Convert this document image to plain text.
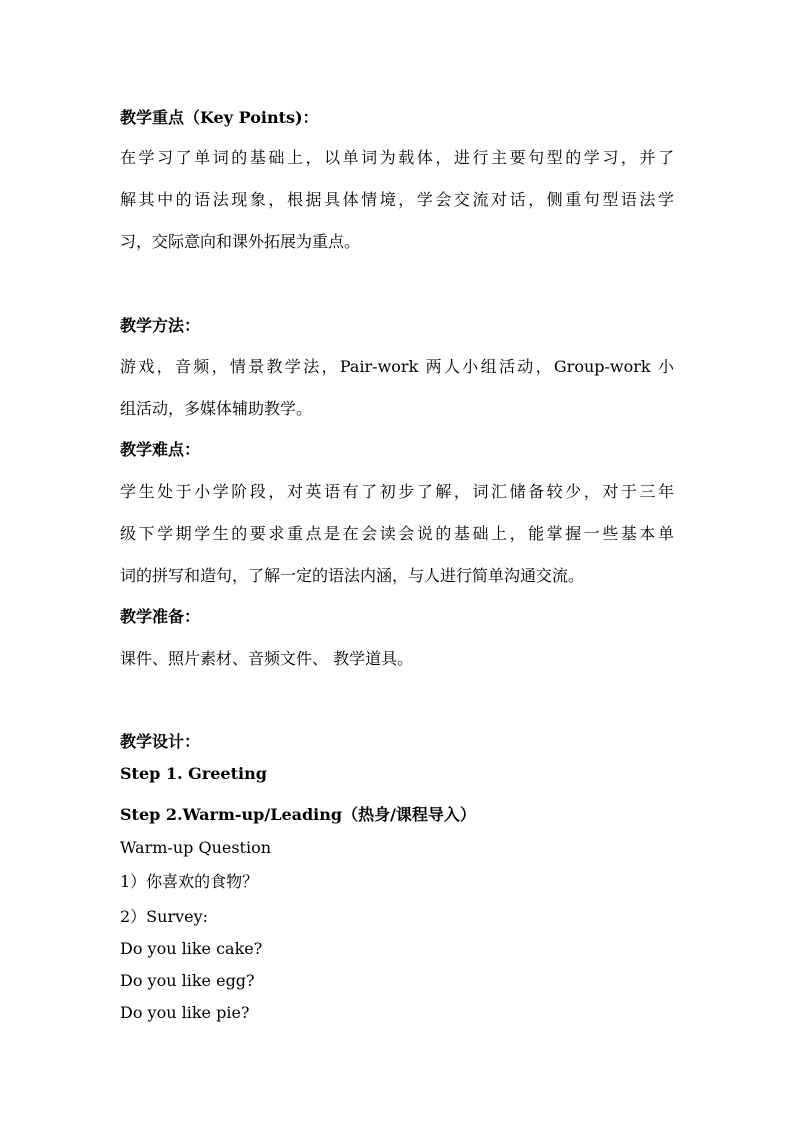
教学重点（Key Points)：
在学习了单词的基础上，以单词为载体，进行主要句型的学习，并了
解其中的语法现象，根据具体情境，学会交流对话，侧重句型语法学
习，交际意向和课外拓展为重点。
教学方法：
游戏，音频，情景教学法，Pair-work 两人小组活动，Group-work 小
组活动，多媒体辅助教学。
教学难点：
学生处于小学阶段，对英语有了初步了解，词汇储备较少，对于三年
级下学期学生的要求重点是在会读会说的基础上，能掌握一些基本单
词的拼写和造句，了解一定的语法内涵，与人进行简单沟通交流。
教学准备：
课件、照片素材、音频文件、 教学道具。
教学设计：
Step 1. Greeting
Step 2.Warm-up/Leading（热身/课程导入）
Warm-up Question
1）你喜欢的食物？
2）Survey:
Do you like cake?
Do you like egg?
Do you like pie?
